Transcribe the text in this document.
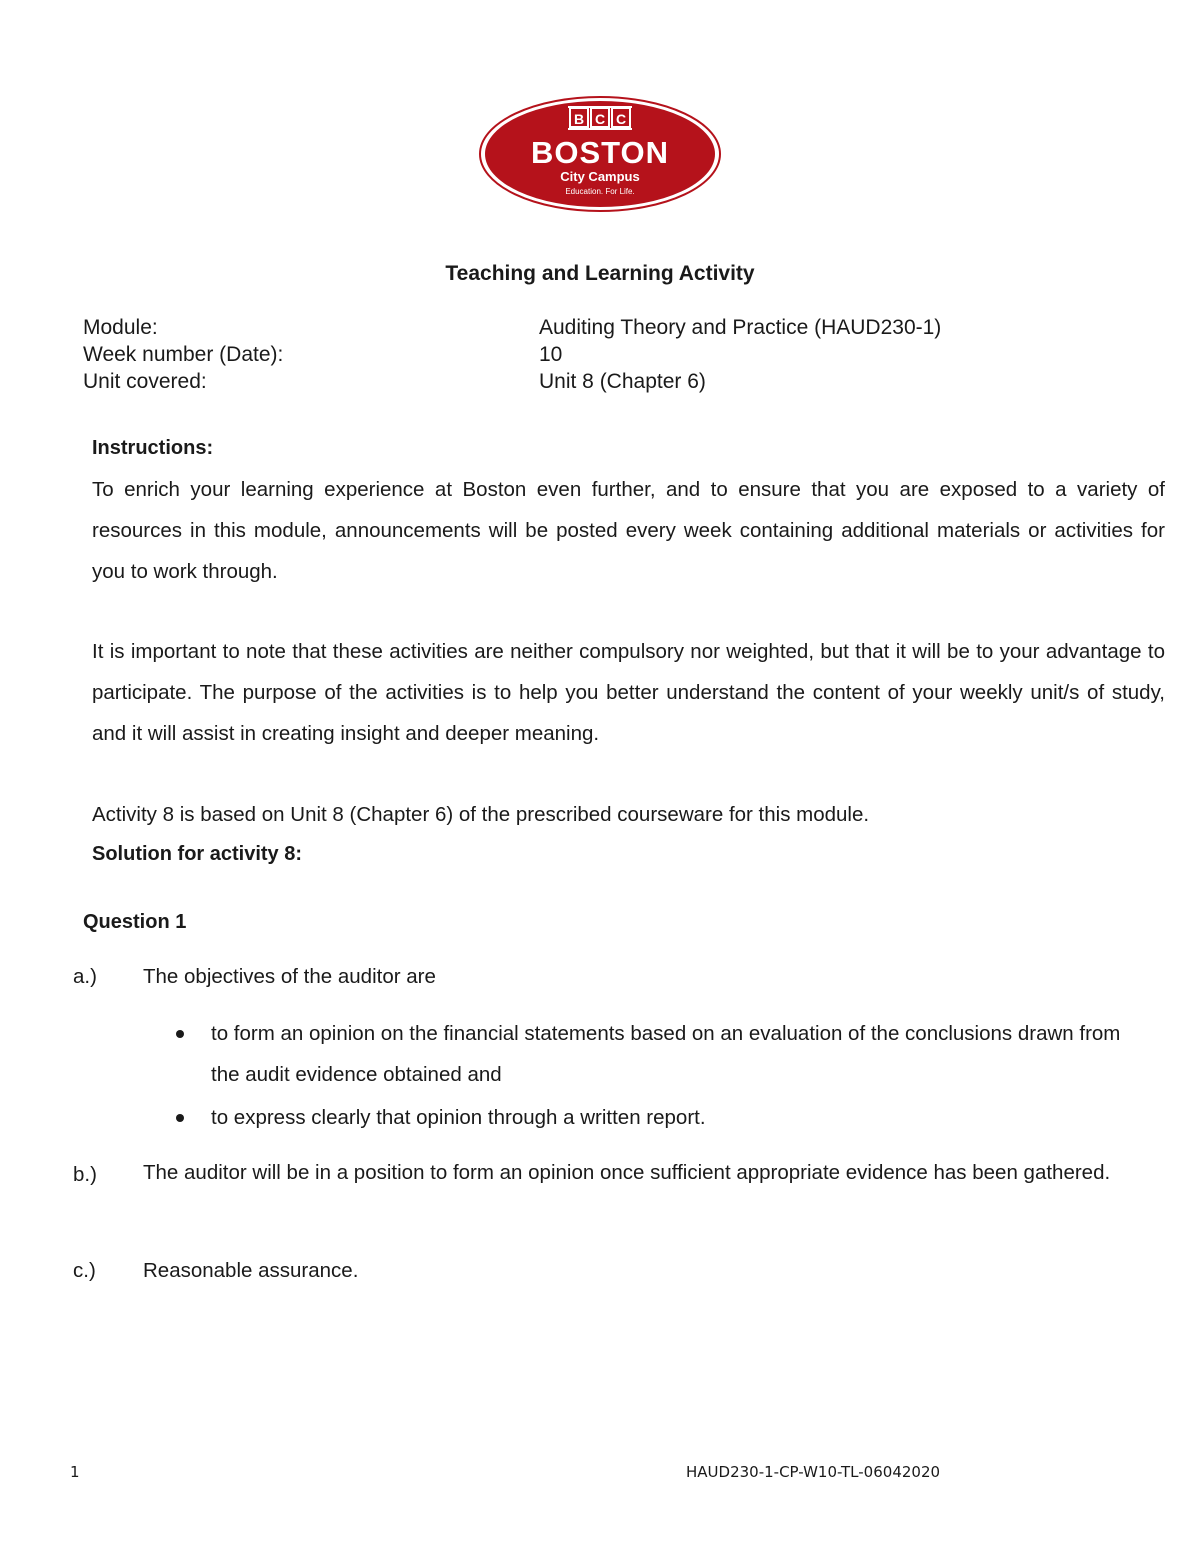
B C C
BOSTON
City Campus
Education. For Life.
Teaching and Learning Activity
Module:	Auditing Theory and Practice (HAUD230-1)
Week number (Date):	10
Unit covered:	Unit 8 (Chapter 6)
Instructions:
To enrich your learning experience at Boston even further, and to ensure that you are exposed to a variety of resources in this module, announcements will be posted every week containing additional materials or activities for you to work through.
It is important to note that these activities are neither compulsory nor weighted, but that it will be to your advantage to participate. The purpose of the activities is to help you better understand the content of your weekly unit/s of study, and it will assist in creating insight and deeper meaning.
Activity 8 is based on Unit 8 (Chapter 6) of the prescribed courseware for this module.
Solution for activity 8:
Question 1
a.) The objectives of the auditor are
to form an opinion on the financial statements based on an evaluation of the conclusions drawn from the audit evidence obtained and
to express clearly that opinion through a written report.
b.) The auditor will be in a position to form an opinion once sufficient appropriate evidence has been gathered.
c.) Reasonable assurance.
1	HAUD230-1-CP-W10-TL-06042020
